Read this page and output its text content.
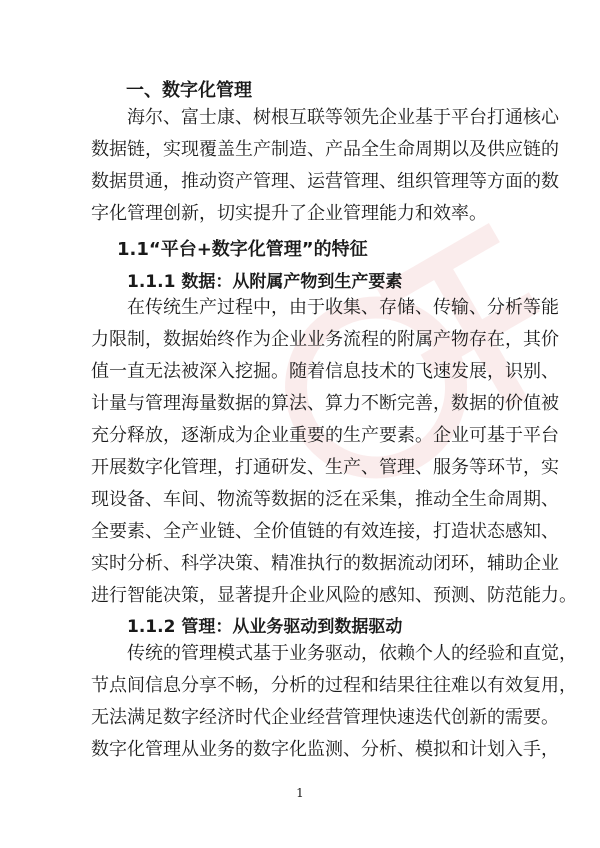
一、数字化管理
海尔、富士康、树根互联等领先企业基于平台打通核心
数据链，实现覆盖生产制造、产品全生命周期以及供应链的
数据贯通，推动资产管理、运营管理、组织管理等方面的数
字化管理创新，切实提升了企业管理能力和效率。
1.1“平台+数字化管理”的特征
1.1.1 数据：从附属产物到生产要素
在传统生产过程中，由于收集、存储、传输、分析等能
力限制，数据始终作为企业业务流程的附属产物存在，其价
值一直无法被深入挖掘。随着信息技术的飞速发展，识别、
计量与管理海量数据的算法、算力不断完善，数据的价值被
充分释放，逐渐成为企业重要的生产要素。企业可基于平台
开展数字化管理，打通研发、生产、管理、服务等环节，实
现设备、车间、物流等数据的泛在采集，推动全生命周期、
全要素、全产业链、全价值链的有效连接，打造状态感知、
实时分析、科学决策、精准执行的数据流动闭环，辅助企业
进行智能决策，显著提升企业风险的感知、预测、防范能力。
1.1.2 管理：从业务驱动到数据驱动
传统的管理模式基于业务驱动，依赖个人的经验和直觉，
节点间信息分享不畅，分析的过程和结果往往难以有效复用，
无法满足数字经济时代企业经营管理快速迭代创新的需要。
数字化管理从业务的数字化监测、分析、模拟和计划入手，
1
